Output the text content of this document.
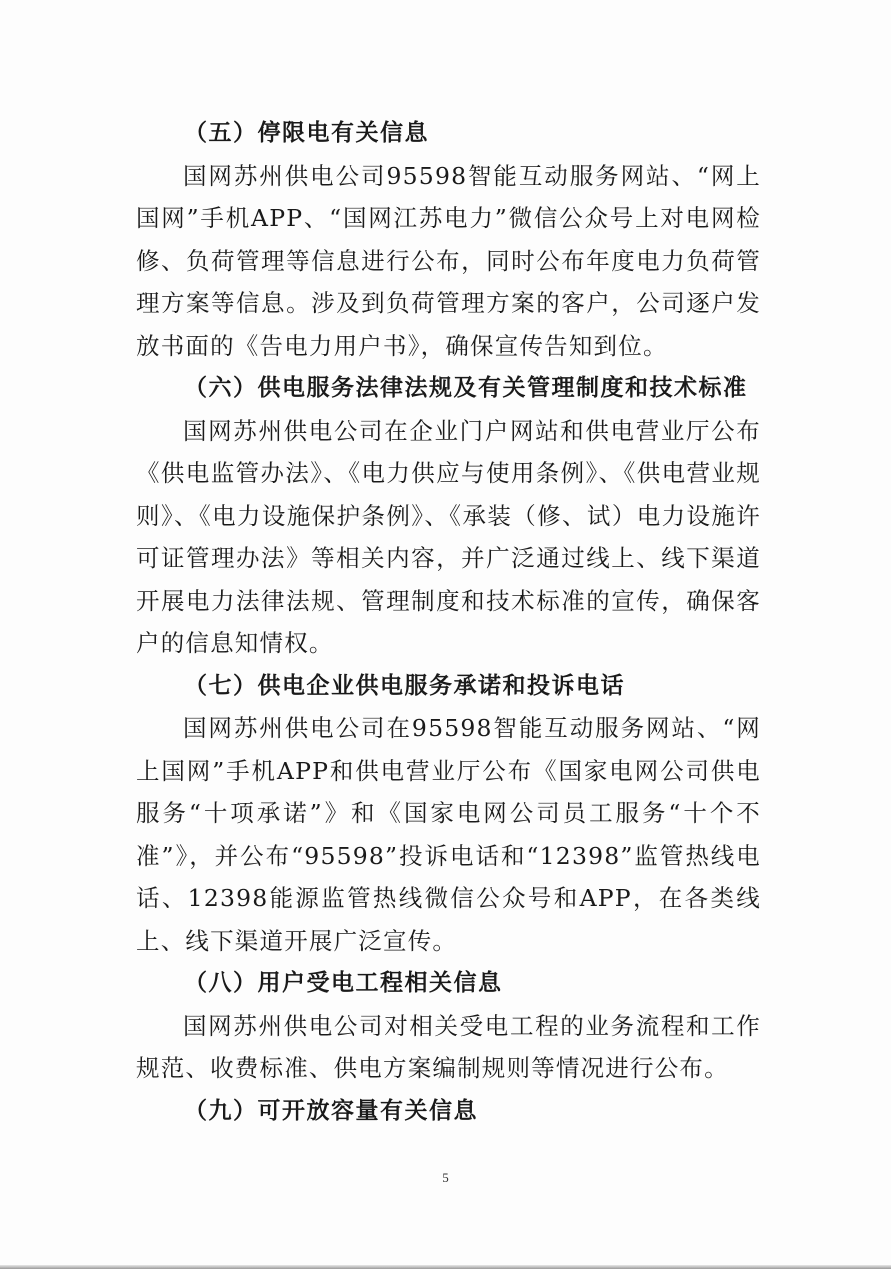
（五）停限电有关信息

国网苏州供电公司95598智能互动服务网站、“网上国网”手机APP、“国网江苏电力”微信公众号上对电网检修、负荷管理等信息进行公布，同时公布年度电力负荷管理方案等信息。涉及到负荷管理方案的客户，公司逐户发放书面的《告电力用户书》，确保宣传告知到位。

（六）供电服务法律法规及有关管理制度和技术标准

国网苏州供电公司在企业门户网站和供电营业厅公布《供电监管办法》、《电力供应与使用条例》、《供电营业规则》、《电力设施保护条例》、《承装（修、试）电力设施许可证管理办法》等相关内容，并广泛通过线上、线下渠道开展电力法律法规、管理制度和技术标准的宣传，确保客户的信息知情权。

（七）供电企业供电服务承诺和投诉电话

国网苏州供电公司在95598智能互动服务网站、“网上国网”手机APP和供电营业厅公布《国家电网公司供电服务“十项承诺”》和《国家电网公司员工服务“十个不准”》，并公布“95598”投诉电话和“12398”监管热线电话、12398能源监管热线微信公众号和APP，在各类线上、线下渠道开展广泛宣传。

（八）用户受电工程相关信息

国网苏州供电公司对相关受电工程的业务流程和工作规范、收费标准、供电方案编制规则等情况进行公布。

（九）可开放容量有关信息
5
